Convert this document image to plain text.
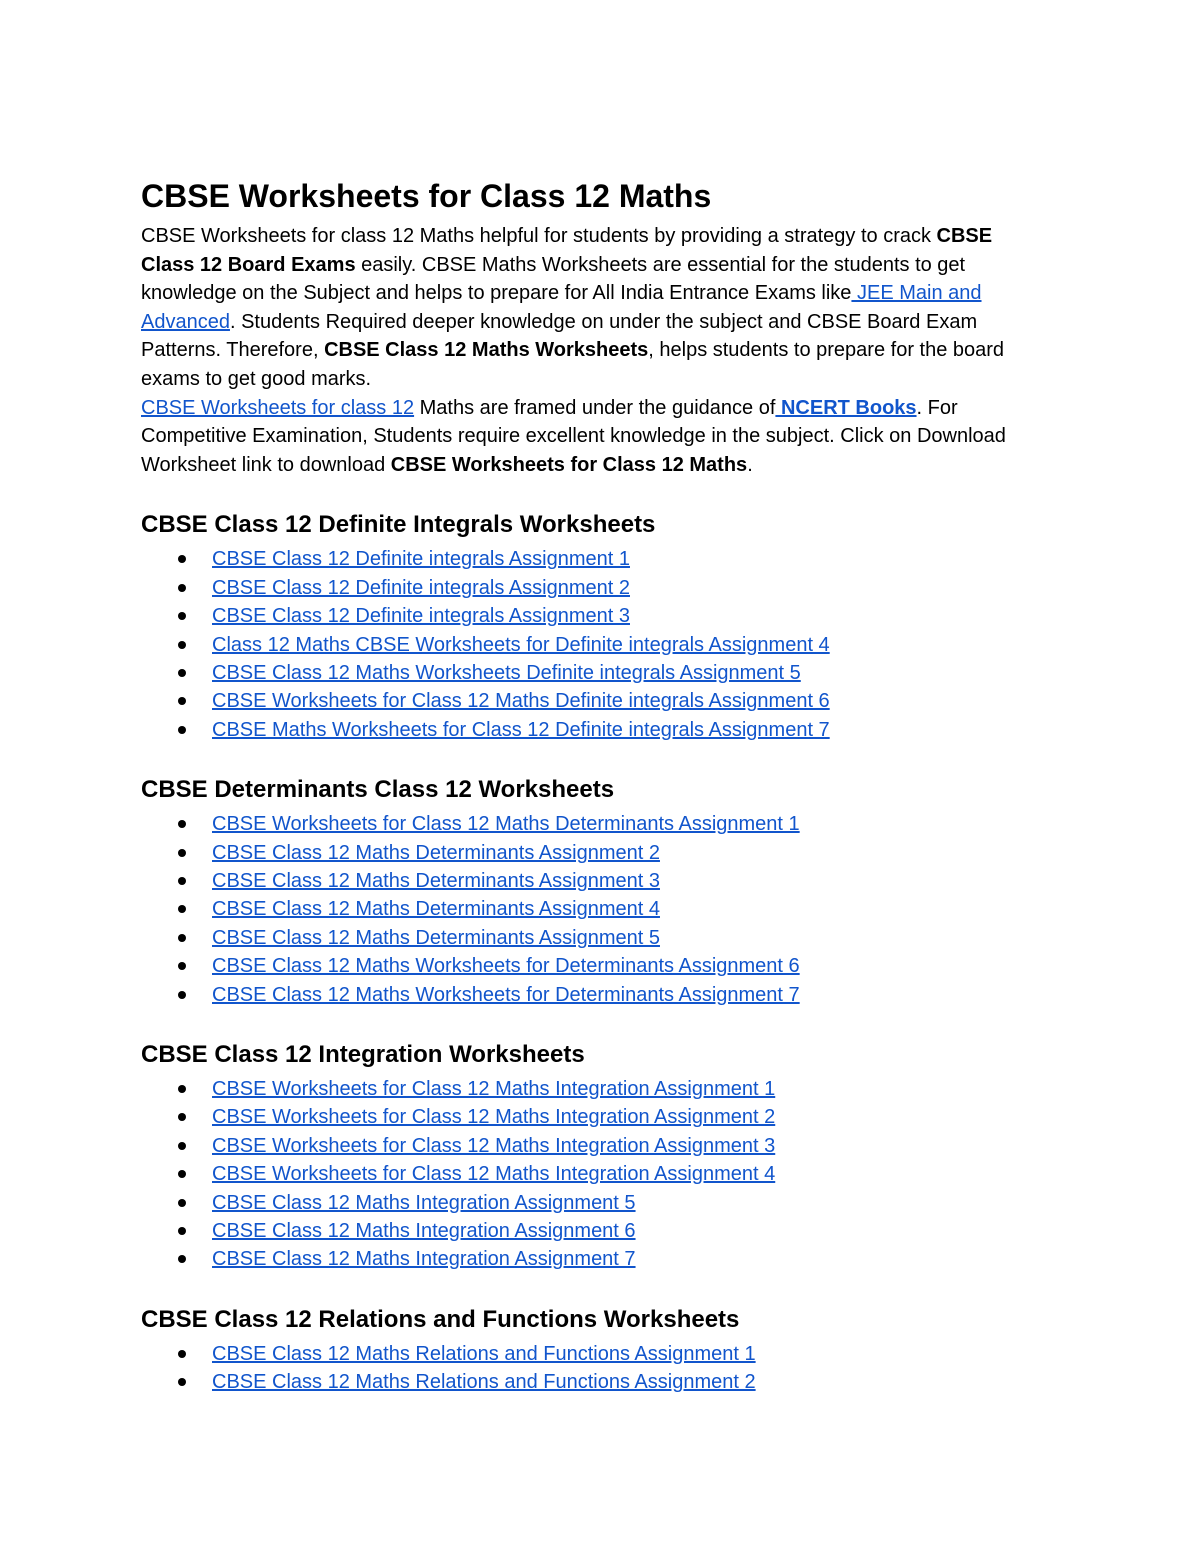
CBSE Worksheets for Class 12 Maths

CBSE Worksheets for class 12 Maths helpful for students by providing a strategy to crack CBSE Class 12 Board Exams easily. CBSE Maths Worksheets are essential for the students to get knowledge on the Subject and helps to prepare for All India Entrance Exams like JEE Main and Advanced. Students Required deeper knowledge on under the subject and CBSE Board Exam Patterns. Therefore, CBSE Class 12 Maths Worksheets, helps students to prepare for the board exams to get good marks.

CBSE Worksheets for class 12 Maths are framed under the guidance of NCERT Books. For Competitive Examination, Students require excellent knowledge in the subject. Click on Download Worksheet link to download CBSE Worksheets for Class 12 Maths.

CBSE Class 12 Definite Integrals Worksheets
CBSE Class 12 Definite integrals Assignment 1
CBSE Class 12 Definite integrals Assignment 2
CBSE Class 12 Definite integrals Assignment 3
Class 12 Maths CBSE Worksheets for Definite integrals Assignment 4
CBSE Class 12 Maths Worksheets Definite integrals Assignment 5
CBSE Worksheets for Class 12 Maths Definite integrals Assignment 6
CBSE Maths Worksheets for Class 12 Definite integrals Assignment 7
CBSE Determinants Class 12 Worksheets
CBSE Worksheets for Class 12 Maths Determinants Assignment 1
CBSE Class 12 Maths Determinants Assignment 2
CBSE Class 12 Maths Determinants Assignment 3
CBSE Class 12 Maths Determinants Assignment 4
CBSE Class 12 Maths Determinants Assignment 5
CBSE Class 12 Maths Worksheets for Determinants Assignment 6
CBSE Class 12 Maths Worksheets for Determinants Assignment 7
CBSE Class 12 Integration Worksheets
CBSE Worksheets for Class 12 Maths Integration Assignment 1
CBSE Worksheets for Class 12 Maths Integration Assignment 2
CBSE Worksheets for Class 12 Maths Integration Assignment 3
CBSE Worksheets for Class 12 Maths Integration Assignment 4
CBSE Class 12 Maths Integration Assignment 5
CBSE Class 12 Maths Integration Assignment 6
CBSE Class 12 Maths Integration Assignment 7
CBSE Class 12 Relations and Functions Worksheets
CBSE Class 12 Maths Relations and Functions Assignment 1
CBSE Class 12 Maths Relations and Functions Assignment 2
